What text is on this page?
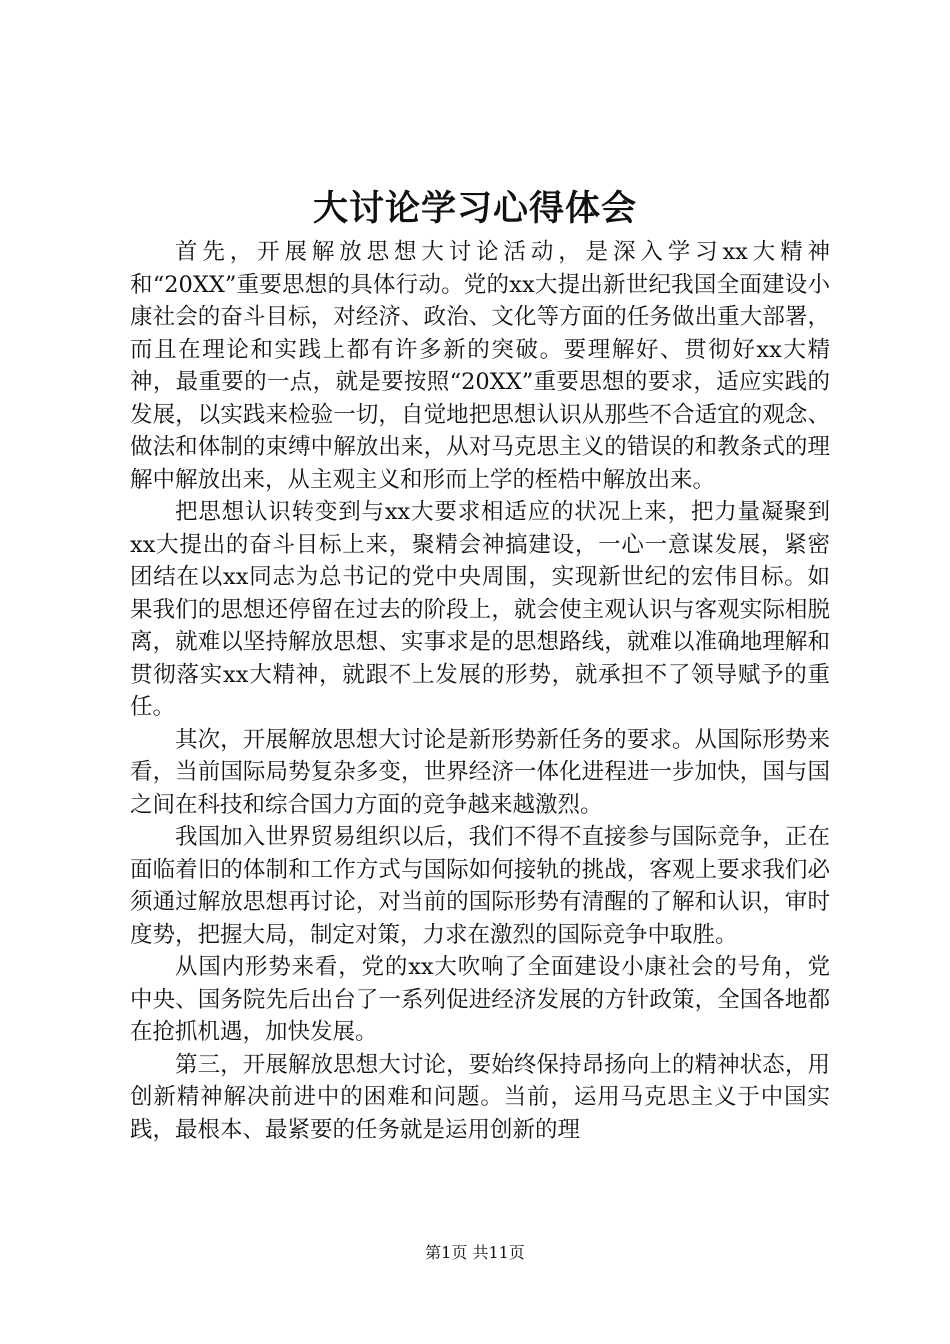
大讨论学习心得体会

首先，开展解放思想大讨论活动，是深入学习xx大精神和“20XX”重要思想的具体行动。党的xx大提出新世纪我国全面建设小康社会的奋斗目标，对经济、政治、文化等方面的任务做出重大部署，而且在理论和实践上都有许多新的突破。要理解好、贯彻好xx大精神，最重要的一点，就是要按照“20XX”重要思想的要求，适应实践的发展，以实践来检验一切，自觉地把思想认识从那些不合适宜的观念、做法和体制的束缚中解放出来，从对马克思主义的错误的和教条式的理解中解放出来，从主观主义和形而上学的桎梏中解放出来。

把思想认识转变到与xx大要求相适应的状况上来，把力量凝聚到xx大提出的奋斗目标上来，聚精会神搞建设，一心一意谋发展，紧密团结在以xx同志为总书记的党中央周围，实现新世纪的宏伟目标。如果我们的思想还停留在过去的阶段上，就会使主观认识与客观实际相脱离，就难以坚持解放思想、实事求是的思想路线，就难以准确地理解和贯彻落实xx大精神，就跟不上发展的形势，就承担不了领导赋予的重任。

其次，开展解放思想大讨论是新形势新任务的要求。从国际形势来看，当前国际局势复杂多变，世界经济一体化进程进一步加快，国与国之间在科技和综合国力方面的竞争越来越激烈。

我国加入世界贸易组织以后，我们不得不直接参与国际竞争，正在面临着旧的体制和工作方式与国际如何接轨的挑战，客观上要求我们必须通过解放思想再讨论，对当前的国际形势有清醒的了解和认识，审时度势，把握大局，制定对策，力求在激烈的国际竞争中取胜。

从国内形势来看，党的xx大吹响了全面建设小康社会的号角，党中央、国务院先后出台了一系列促进经济发展的方针政策，全国各地都在抢抓机遇，加快发展。

第三，开展解放思想大讨论，要始终保持昂扬向上的精神状态，用创新精神解决前进中的困难和问题。当前，运用马克思主义于中国实践，最根本、最紧要的任务就是运用创新的理

第1页 共11页
